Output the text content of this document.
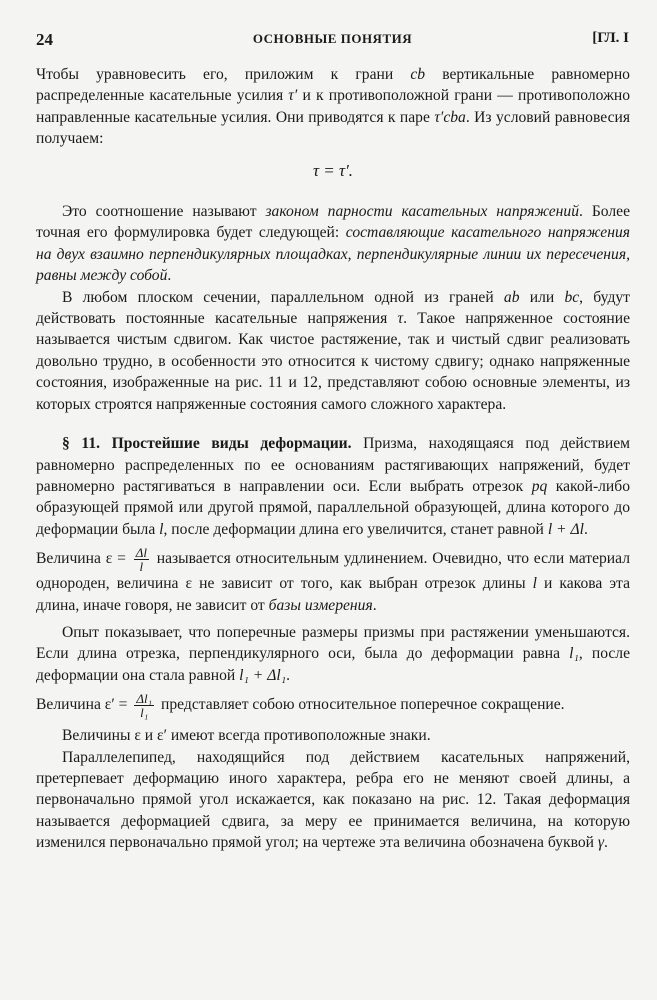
24	ОСНОВНЫЕ ПОНЯТИЯ	[ГЛ. I

Чтобы уравновесить его, приложим к грани cb вертикальные равномерно распределенные касательные усилия τ′ и к противоположной грани — противоположно направленные касательные усилия. Они приводятся к паре τ′cba. Из условий равновесия получаем:

τ = τ′.

Это соотношение называют законом парности касательных напряжений. Более точная его формулировка будет следующей: составляющие касательного напряжения на двух взаимно перпендикулярных площадках, перпендикулярные линии их пересечения, равны между собой.

В любом плоском сечении, параллельном одной из граней ab или bc, будут действовать постоянные касательные напряжения τ. Такое напряженное состояние называется чистым сдвигом. Как чистое растяжение, так и чистый сдвиг реализовать довольно трудно, в особенности это относится к чистому сдвигу; однако напряженные состояния, изображенные на рис. 11 и 12, представляют собою основные элементы, из которых строятся напряженные состояния самого сложного характера.

§ 11. Простейшие виды деформации. Призма, находящаяся под действием равномерно распределенных по ее основаниям растягивающих напряжений, будет равномерно растягиваться в направлении оси. Если выбрать отрезок pq какой-либо образующей прямой или другой прямой, параллельной образующей, длина которого до деформации была l, после деформации длина его увеличится, станет равной l + Δl.

Величина $\varepsilon = \frac{\Delta l}{l}$ называется относительным удлинением. Очевидно, что если материал однороден, величина ε не зависит от того, как выбран отрезок длины l и какова эта длина, иначе говоря, не зависит от базы измерения.

Опыт показывает, что поперечные размеры призмы при растяжении уменьшаются. Если длина отрезка, перпендикулярного оси, была до деформации равна l₁, после деформации она стала равной l₁ + Δl₁.

Величина $\varepsilon' = \frac{\text{Δl₁}}{\text{l₁}}$ представляет собою относительное поперечное сокращение.

Величины ε и ε′ имеют всегда противоположные знаки.

Параллелепипед, находящийся под действием касательных напряжений, претерпевает деформацию иного характера, ребра его не меняют своей длины, а первоначально прямой угол искажается, как показано на рис. 12. Такая деформация называется деформацией сдвига, за меру ее принимается величина, на которую изменился первоначально прямой угол; на чертеже эта величина обозначена буквой γ.
